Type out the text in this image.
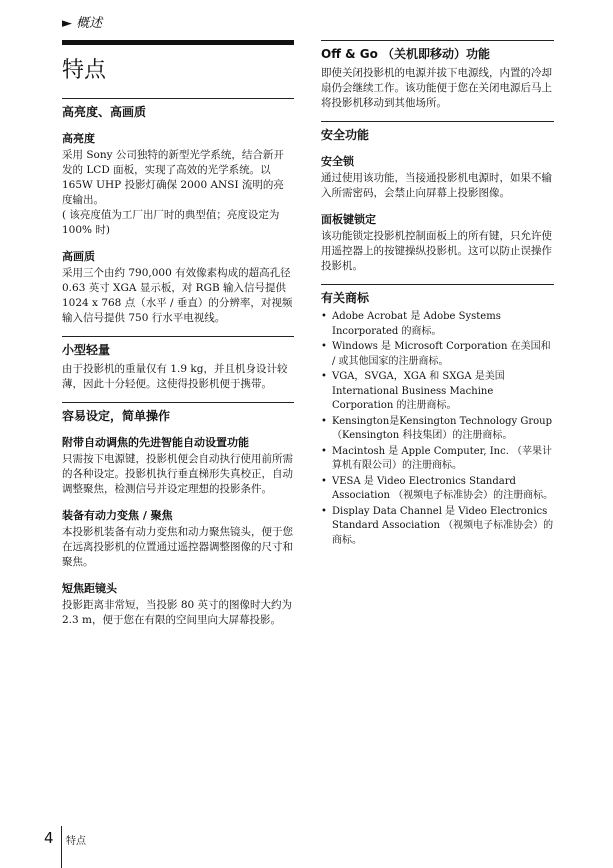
► 概述
特点
高亮度、高画质
高亮度

采用 Sony 公司独特的新型光学系统，结合新开发的 LCD 面板，实现了高效的光学系统。以 165W UHP 投影灯确保 2000 ANSI 流明的亮度输出。

( 该亮度值为工厂出厂时的典型值；亮度设定为 100% 时)

高画质

采用三个由约 790,000 有效像素构成的超高孔径 0.63 英寸 XGA 显示板，对 RGB 输入信号提供 1024 x 768 点（水平 / 垂直）的分辨率，对视频输入信号提供 750 行水平电视线。

小型轻量

由于投影机的重量仅有 1.9 kg，并且机身设计较薄，因此十分轻便。这使得投影机便于携带。

容易设定，简单操作
附带自动调焦的先进智能自动设置功能

只需按下电源键，投影机便会自动执行使用前所需的各种设定。投影机执行垂直梯形失真校正，自动调整聚焦，检测信号并设定理想的投影条件。

装备有动力变焦 / 聚焦

本投影机装备有动力变焦和动力聚焦镜头，便于您在远离投影机的位置通过遥控器调整图像的尺寸和聚焦。

短焦距镜头

投影距离非常短，当投影 80 英寸的图像时大约为 2.3 m，便于您在有限的空间里向大屏幕投影。

Off & Go （关机即移动）功能

即使关闭投影机的电源并拔下电源线，内置的冷却扇仍会继续工作。该功能便于您在关闭电源后马上将投影机移动到其他场所。

安全功能
安全锁

通过使用该功能，当接通投影机电源时，如果不输入所需密码，会禁止向屏幕上投影图像。

面板键锁定

该功能锁定投影机控制面板上的所有键，只允许使用遥控器上的按键操纵投影机。这可以防止误操作投影机。

有关商标
• Adobe Acrobat 是 Adobe Systems Incorporated 的商标。
• Windows 是 Microsoft Corporation 在美国和 / 或其他国家的注册商标。
• VGA，SVGA，XGA 和 SXGA 是美国 International Business Machine Corporation 的注册商标。
• Kensington是Kensington Technology Group （Kensington 科技集团）的注册商标。
• Macintosh 是 Apple Computer, Inc. （苹果计算机有限公司）的注册商标。
• VESA 是 Video Electronics Standard Association （视频电子标准协会）的注册商标。
• Display Data Channel 是 Video Electronics Standard Association （视频电子标准协会）的商标。
4 特点
